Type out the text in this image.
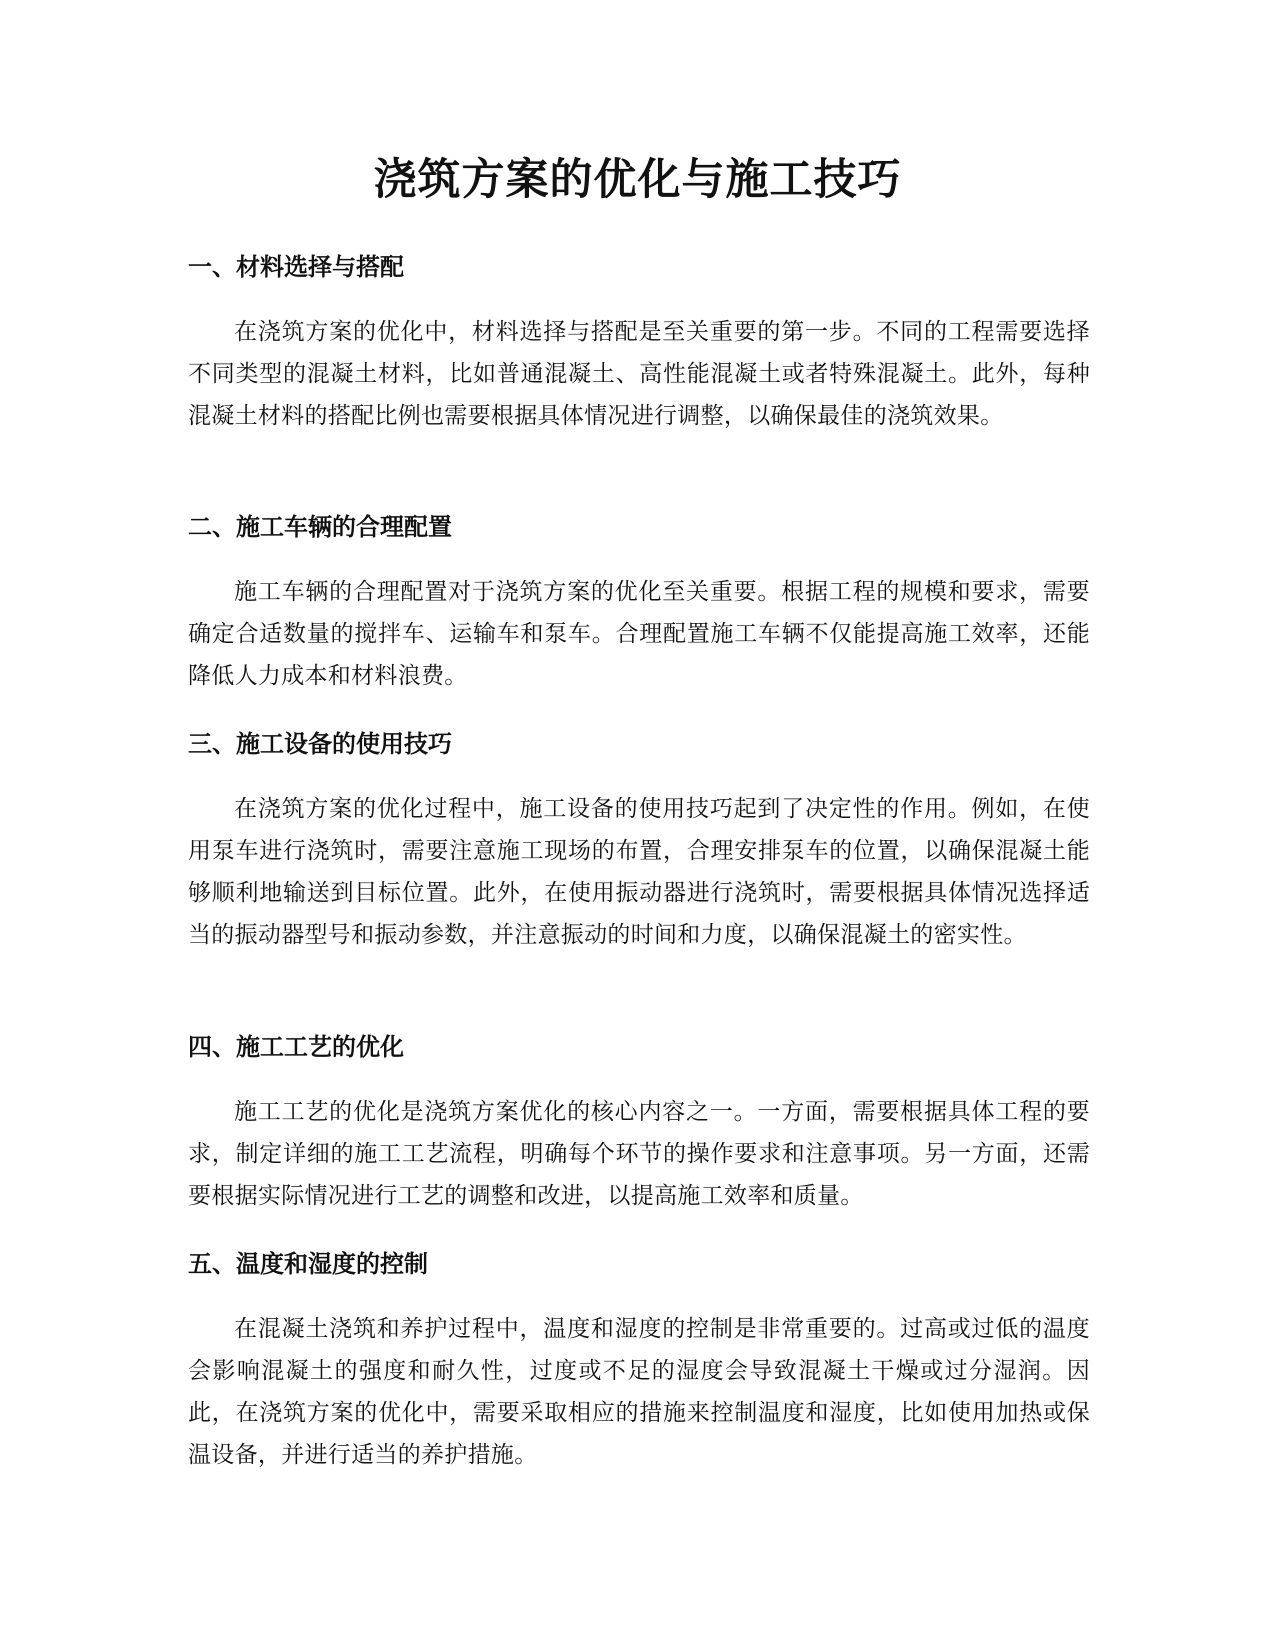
浇筑方案的优化与施工技巧
一、材料选择与搭配

在浇筑方案的优化中，材料选择与搭配是至关重要的第一步。不同的工程需要选择不同类型的混凝土材料，比如普通混凝土、高性能混凝土或者特殊混凝土。此外，每种混凝土材料的搭配比例也需要根据具体情况进行调整，以确保最佳的浇筑效果。

二、施工车辆的合理配置

施工车辆的合理配置对于浇筑方案的优化至关重要。根据工程的规模和要求，需要确定合适数量的搅拌车、运输车和泵车。合理配置施工车辆不仅能提高施工效率，还能降低人力成本和材料浪费。

三、施工设备的使用技巧

在浇筑方案的优化过程中，施工设备的使用技巧起到了决定性的作用。例如，在使用泵车进行浇筑时，需要注意施工现场的布置，合理安排泵车的位置，以确保混凝土能够顺利地输送到目标位置。此外，在使用振动器进行浇筑时，需要根据具体情况选择适当的振动器型号和振动参数，并注意振动的时间和力度，以确保混凝土的密实性。

四、施工工艺的优化

施工工艺的优化是浇筑方案优化的核心内容之一。一方面，需要根据具体工程的要求，制定详细的施工工艺流程，明确每个环节的操作要求和注意事项。另一方面，还需要根据实际情况进行工艺的调整和改进，以提高施工效率和质量。

五、温度和湿度的控制

在混凝土浇筑和养护过程中，温度和湿度的控制是非常重要的。过高或过低的温度会影响混凝土的强度和耐久性，过度或不足的湿度会导致混凝土干燥或过分湿润。因此，在浇筑方案的优化中，需要采取相应的措施来控制温度和湿度，比如使用加热或保温设备，并进行适当的养护措施。
